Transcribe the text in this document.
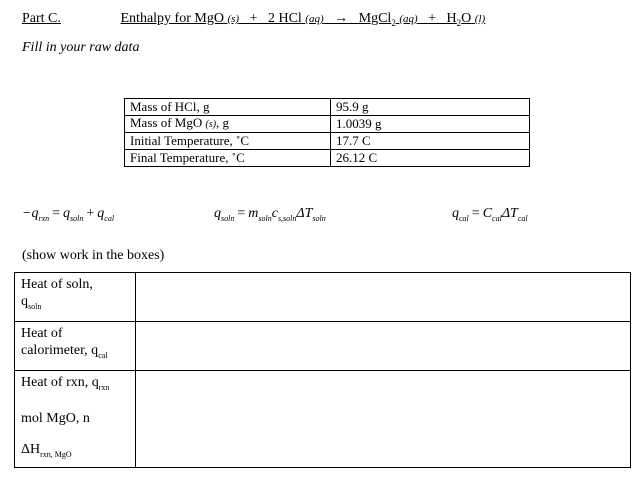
Part C.	Enthalpy for MgO (s) + 2 HCl (aq) → MgCl$_2$ $(aq) + H_2O$ (l)
Fill in your raw data
Mass of HCl, g	95.9 g
Mass of MgO (s), g	1.0039 g
Initial Temperature, ˚C	17.7 C
Final Temperature, ˚C	26.12 C
$-q_{rxn} = q_{soln} + q_{cal}$	$q_{soln} = m_{soln}c_{s,soln}\Delta T_{soln}$	$q_{cal} = C_{cal}\Delta T_{cal}$
(show work in the boxes)
Heat of soln,
$q_{soln}$

Heat of
calorimeter, $q_{cal}$

Heat of rxn, $q_{rxn}$
mol MgO, n
$\Delta H_{rxn, MgO}$
